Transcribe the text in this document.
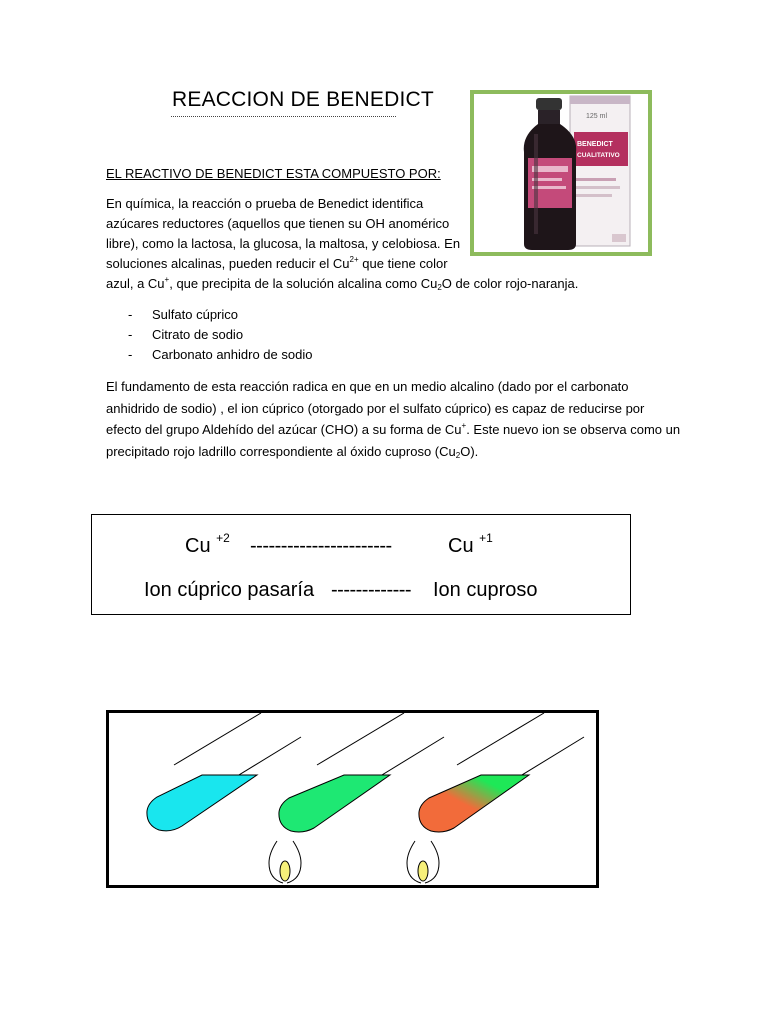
REACCION DE BENEDICT
125 ml
BENEDICT
CUALITATIVO
EL REACTIVO DE BENEDICT ESTA COMPUESTO POR:
En química, la reacción o prueba de Benedict identifica
azúcares reductores (aquellos que tienen su OH anomérico
libre), como la lactosa, la glucosa, la maltosa, y celobiosa. En
soluciones alcalinas, pueden reducir el $Cu^{2+}$ que tiene color
azul, a Cu+, que precipita de la solución alcalina como $Cu_2O$ de color rojo-naranja.
-	Sulfato cúprico
-	Citrato de sodio
-	Carbonato anhidro de sodio
El fundamento de esta reacción radica en que en un medio alcalino (dado por el carbonato
anhidrido de sodio) , el ion cúprico (otorgado por el sulfato cúprico) es capaz de reducirse por
efecto del grupo Aldehído del azúcar (CHO) a su forma de Cu+. Este nuevo ion se observa como un
precipitado rojo ladrillo correspondiente al óxido cuproso $(Cu_2O)$.
Cu $^{+2}$ -----------------------	Cu $^{+1}$
Ion cúprico pasaría ------------- Ion cuproso
